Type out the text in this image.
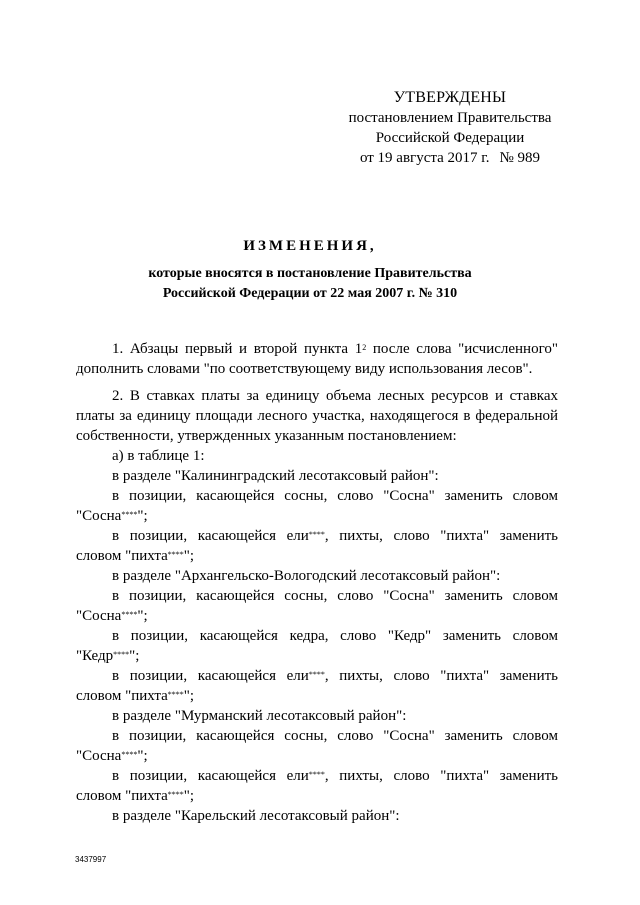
УТВЕРЖДЕНЫ
постановлением Правительства
Российской Федерации
от 19 августа 2017 г. № 989
ИЗМЕНЕНИЯ,
которые вносятся в постановление Правительства
Российской Федерации от 22 мая 2007 г. № 310

1. Абзацы первый и второй пункта $1^2$ после слова "исчисленного" дополнить словами "по соответствующему виду использования лесов".

2. В ставках платы за единицу объема лесных ресурсов и ставках платы за единицу площади лесного участка, находящегося в федеральной собственности, утвержденных указанным постановлением:

а) в таблице 1:

в разделе "Калининградский лесотаксовый район":

в позиции, касающейся сосны, слово "Сосна" заменить словом "Сосна****";

в позиции, касающейся ели****, пихты, слово "пихта" заменить словом "пихта****";

в разделе "Архангельско-Вологодский лесотаксовый район":

в позиции, касающейся сосны, слово "Сосна" заменить словом "Сосна****";

в позиции, касающейся кедра, слово "Кедр" заменить словом "Кедр****";

в позиции, касающейся ели****, пихты, слово "пихта" заменить словом "пихта****";

в разделе "Мурманский лесотаксовый район":

в позиции, касающейся сосны, слово "Сосна" заменить словом "Сосна****";

в позиции, касающейся ели****, пихты, слово "пихта" заменить словом "пихта****";

в разделе "Карельский лесотаксовый район":

3437997
